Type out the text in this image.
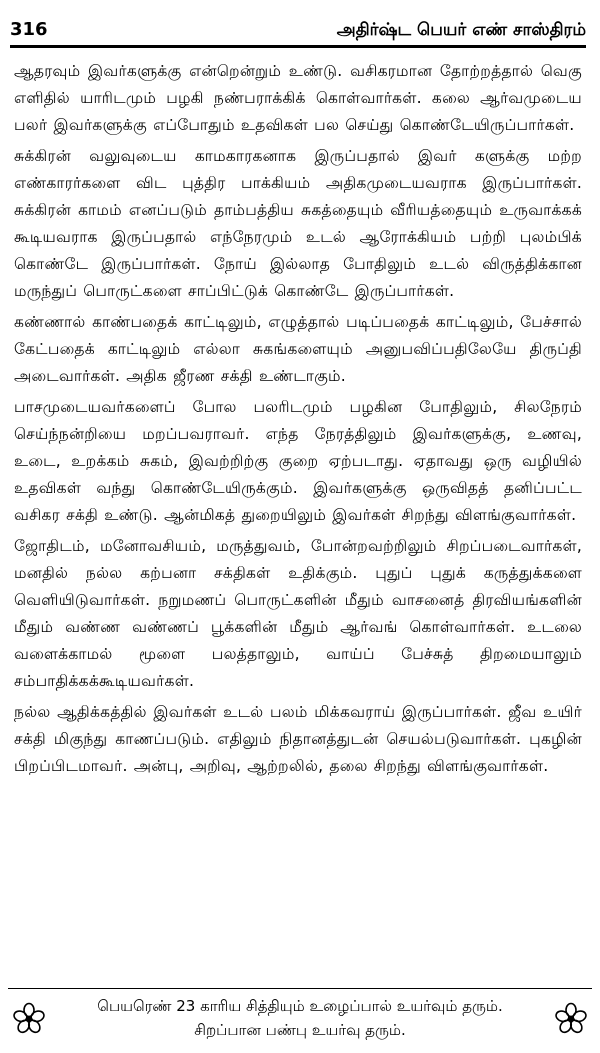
316	அதிர்ஷ்ட பெயர் எண் சாஸ்திரம்

ஆதரவும் இவர்களுக்கு என்றென்றும் உண்டு. வசிகரமான தோற்றத்தால் வெகு எளிதில் யாரிடமும் பழகி நண்பராக்கிக் கொள்வார்கள். கலை ஆர்வமுடைய பலர் இவர்களுக்கு எப்போதும் உதவிகள் பல செய்து கொண்டேயிருப்பார்கள்.

சுக்கிரன் வலுவுடைய காமகாரகனாக இருப்பதால் இவர் களுக்கு மற்ற எண்காரர்களை விட புத்திர பாக்கியம் அதிகமுடையவராக இருப்பார்கள். சுக்கிரன் காமம் எனப்படும் தாம்பத்திய சுகத்தையும் வீரியத்தையும் உருவாக்கக் கூடியவராக இருப்பதால் எந்நேரமும் உடல் ஆரோக்கியம் பற்றி புலம்பிக் கொண்டே இருப்பார்கள். நோய் இல்லாத போதிலும் உடல் விருத்திக்கான மருந்துப் பொருட்களை சாப்பிட்டுக் கொண்டே இருப்பார்கள்.

கண்ணால் காண்பதைக் காட்டிலும், எழுத்தால் படிப்பதைக் காட்டிலும், பேச்சால் கேட்பதைக் காட்டிலும் எல்லா சுகங்களையும் அனுபவிப்பதிலேயே திருப்தி அடைவார்கள். அதிக ஜீரண சக்தி உண்டாகும்.

பாசமுடையவர்களைப் போல பலரிடமும் பழகின போதிலும், சிலநேரம் செய்ந்நன்றியை மறப்பவராவர். எந்த நேரத்திலும் இவர்களுக்கு, உணவு, உடை, உறக்கம் சுகம், இவற்றிற்கு குறை ஏற்படாது. ஏதாவது ஒரு வழியில் உதவிகள் வந்து கொண்டேயிருக்கும். இவர்களுக்கு ஒருவிதத் தனிப்பட்ட வசிகர சக்தி உண்டு. ஆன்மிகத் துறையிலும் இவர்கள் சிறந்து விளங்குவார்கள்.

ஜோதிடம், மனோவசியம், மருத்துவம், போன்றவற்றிலும் சிறப்படைவார்கள், மனதில் நல்ல கற்பனா சக்திகள் உதிக்கும். புதுப் புதுக் கருத்துக்களை வெளியிடுவார்கள். நறுமணப் பொருட்களின் மீதும் வாசனைத் திரவியங்களின் மீதும் வண்ண வண்ணப் பூக்களின் மீதும் ஆர்வங் கொள்வார்கள். உடலை வளைக்காமல் மூளை பலத்தாலும், வாய்ப் பேச்சுத் திறமையாலும் சம்பாதிக்கக்கூடியவர்கள்.

நல்ல ஆதிக்கத்தில் இவர்கள் உடல் பலம் மிக்கவராய் இருப்பார்கள். ஜீவ உயிர் சக்தி மிகுந்து காணப்படும். எதிலும் நிதானத்துடன் செயல்படுவார்கள். புகழின் பிறப்பிடமாவர். அன்பு, அறிவு, ஆற்றலில், தலை சிறந்து விளங்குவார்கள்.

பெயரெண் 23 காரிய சித்தியும் உழைப்பால் உயர்வும் தரும்.
சிறப்பான பண்பு உயர்வு தரும்.
